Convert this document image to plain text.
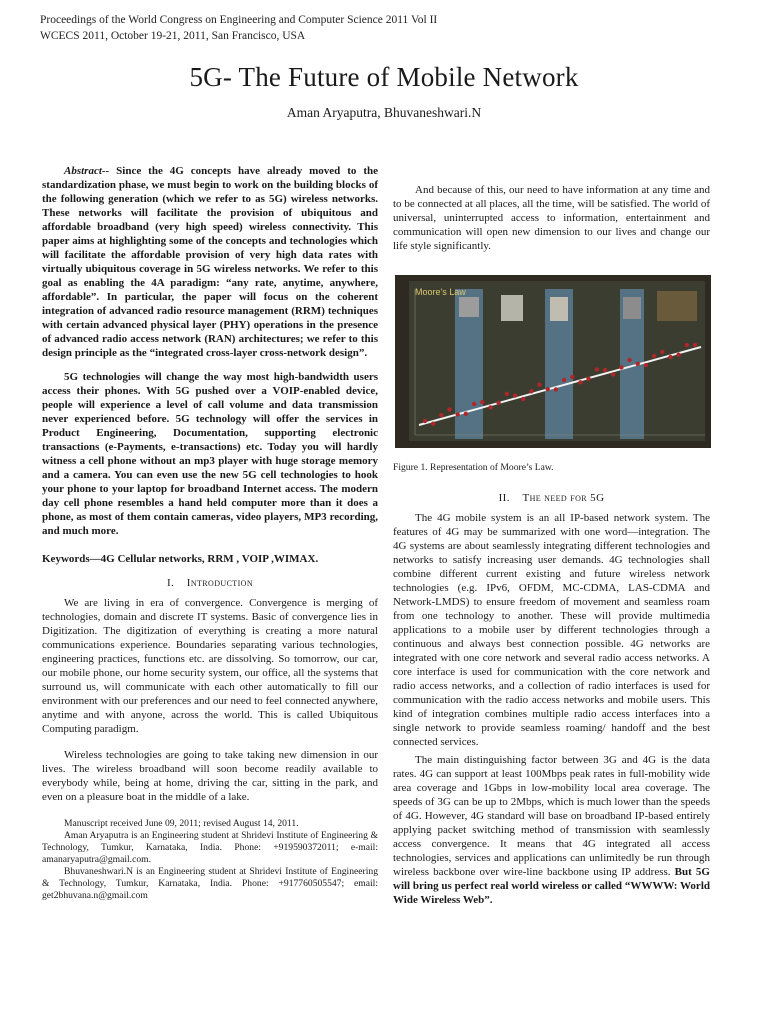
Proceedings of the World Congress on Engineering and Computer Science 2011 Vol II
WCECS 2011, October 19-21, 2011, San Francisco, USA
5G- The Future of Mobile Network
Aman Aryaputra, Bhuvaneshwari.N

Abstract-- Since the 4G concepts have already moved to the standardization phase, we must begin to work on the building blocks of the following generation (which we refer to as 5G) wireless networks. These networks will facilitate the provision of ubiquitous and affordable broadband (very high speed) wireless connectivity. This paper aims at highlighting some of the concepts and technologies which will facilitate the affordable provision of very high data rates with virtually ubiquitous coverage in 5G wireless networks. We refer to this goal as enabling the 4A paradigm: “any rate, anytime, anywhere, affordable”. In particular, the paper will focus on the coherent integration of advanced radio resource management (RRM) techniques with certain advanced physical layer (PHY) operations in the presence of advanced radio access network (RAN) architectures; we refer to this design principle as the “integrated cross-layer cross-network design”.

5G technologies will change the way most high-bandwidth users access their phones. With 5G pushed over a VOIP-enabled device, people will experience a level of call volume and data transmission never experienced before. 5G technology will offer the services in Product Engineering, Documentation, supporting electronic transactions (e-Payments, e-transactions) etc. Today you will hardly witness a cell phone without an mp3 player with huge storage memory and a camera. You can even use the new 5G cell technologies to hook your phone to your laptop for broadband Internet access. The modern day cell phone resembles a hand held computer more than it does a phone, as most of them contain cameras, video players, MP3 recording, and much more.

Keywords—4G Cellular networks, RRM , VOIP ,WIMAX.

I. Introduction

We are living in era of convergence. Convergence is merging of technologies, domain and discrete IT systems. Basic of convergence lies in Digitization. The digitization of everything is creating a more natural communications experience. Boundaries separating various technologies, engineering practices, functions etc. are dissolving. So tomorrow, our car, our mobile phone, our home security system, our office, all the systems that surround us, will communicate with each other automatically to fill our environment with our preferences and our need to feel connected anywhere, anytime and with anyone, across the world. This is called Ubiquitous Computing paradigm.

Wireless technologies are going to take taking new dimension in our lives. The wireless broadband will soon become readily available to everybody while, being at home, driving the car, sitting in the park, and even on a pleasure boat in the middle of a lake.

Manuscript received June 09, 2011; revised August 14, 2011.

Aman Aryaputra is an Engineering student at Shridevi Institute of Engineering & Technology, Tumkur, Karnataka, India. Phone: +919590372011; e-mail: amanaryaputra@gmail.com.

Bhuvaneshwari.N is an Engineering student at Shridevi Institute of Engineering & Technology, Tumkur, Karnataka, India. Phone: +917760505547; email: get2bhuvana.n@gmail.com

And because of this, our need to have information at any time and to be connected at all places, all the time, will be satisfied. The world of universal, uninterrupted access to information, entertainment and communication will open new dimension to our lives and change our life style significantly.

Moore's Law
Figure 1. Representation of Moore’s Law.
II. The need for 5G

The 4G mobile system is an all IP-based network system. The features of 4G may be summarized with one word—integration. The 4G systems are about seamlessly integrating different technologies and networks to satisfy increasing user demands. 4G technologies shall combine different current existing and future wireless network technologies (e.g. IPv6, OFDM, MC-CDMA, LAS-CDMA and Network-LMDS) to ensure freedom of movement and seamless roam from one technology to another. These will provide multimedia applications to a mobile user by different technologies through a continuous and always best connection possible. 4G networks are integrated with one core network and several radio access networks. A core interface is used for communication with the core network and radio access networks, and a collection of radio interfaces is used for communication with the radio access networks and mobile users. This kind of integration combines multiple radio access interfaces into a single network to provide seamless roaming/ handoff and the best connected services.

The main distinguishing factor between 3G and 4G is the data rates. 4G can support at least 100Mbps peak rates in full-mobility wide area coverage and 1Gbps in low-mobility local area coverage. The speeds of 3G can be up to 2Mbps, which is much lower than the speeds of 4G. However, 4G standard will base on broadband IP-based entirely applying packet switching method of transmission with seamlessly access convergence. It means that 4G integrated all access technologies, services and applications can unlimitedly be run through wireless backbone over wire-line backbone using IP address. But 5G will bring us perfect real world wireless or called “WWWW: World Wide Wireless Web”.
